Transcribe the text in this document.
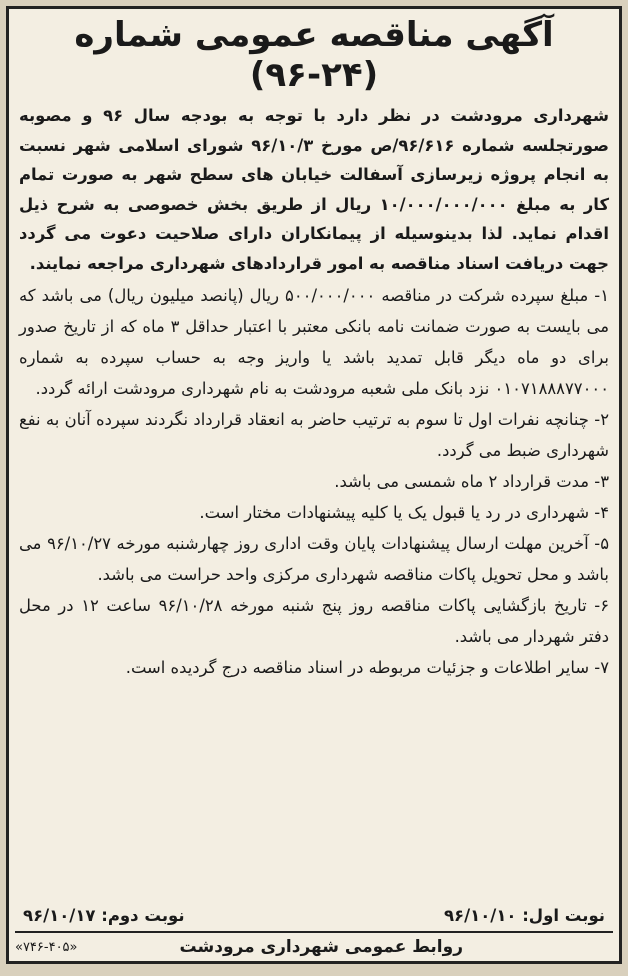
آگهی مناقصه عمومی شماره (۲۴-۹۶)

شهرداری مرودشت در نظر دارد با توجه به بودجه سال ۹۶ و مصوبه صورتجلسه شماره ۹۶/۶۱۶/ص مورخ ۹۶/۱۰/۳ شورای اسلامی شهر نسبت به انجام پروژه زیرسازی آسفالت خیابان های سطح شهر به صورت تمام کار به مبلغ ۱۰/۰۰۰/۰۰۰/۰۰۰ ریال از طریق بخش خصوصی به شرح ذیل اقدام نماید. لذا بدینوسیله از پیمانکاران دارای صلاحیت دعوت می گردد جهت دریافت اسناد مناقصه به امور قراردادهای شهرداری مراجعه نمایند.

۱- مبلغ سپرده شرکت در مناقصه ۵۰۰/۰۰۰/۰۰۰ ریال (پانصد میلیون ریال) می باشد که می بایست به صورت ضمانت نامه بانکی معتبر با اعتبار حداقل ۳ ماه که از تاریخ صدور برای دو ماه دیگر قابل تمدید باشد یا واریز وجه به حساب سپرده به شماره ۰۱۰۷۱۸۸۸۷۷۰۰۰ نزد بانک ملی شعبه مرودشت به نام شهرداری مرودشت ارائه گردد.

۲- چنانچه نفرات اول تا سوم به ترتیب حاضر به انعقاد قرارداد نگردند سپرده آنان به نفع شهرداری ضبط می گردد.

۳- مدت قرارداد ۲ ماه شمسی می باشد.

۴- شهرداری در رد یا قبول یک یا کلیه پیشنهادات مختار است.

۵- آخرین مهلت ارسال پیشنهادات پایان وقت اداری روز چهارشنبه مورخه ۹۶/۱۰/۲۷ می باشد و محل تحویل پاکات مناقصه شهرداری مرکزی واحد حراست می باشد.

۶- تاریخ بازگشایی پاکات مناقصه روز پنج شنبه مورخه ۹۶/۱۰/۲۸ ساعت ۱۲ در محل دفتر شهردار می باشد.

۷- سایر اطلاعات و جزئیات مربوطه در اسناد مناقصه درج گردیده است.

نوبت اول: ۹۶/۱۰/۱۰
نوبت دوم: ۹۶/۱۰/۱۷
روابط عمومی شهرداری مرودشت
«۷۴۶-۴۰۵»
